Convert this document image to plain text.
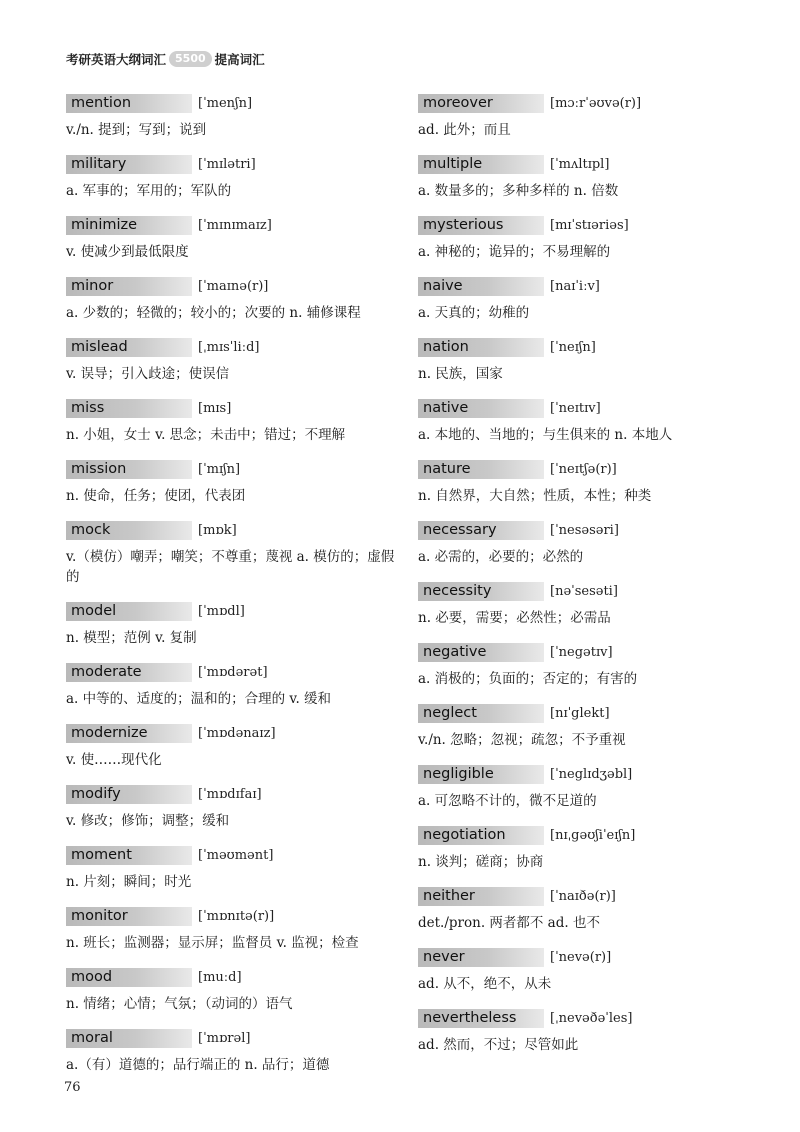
考研英语大纲词汇 5500 提高词汇
mention	[ˈmenʃn]
v./n. 提到；写到；说到
military	[ˈmɪlətri]
a. 军事的；军用的；军队的
minimize	[ˈmɪnɪmaɪz]
v. 使减少到最低限度
minor	[ˈmaɪnə(r)]
a. 少数的；轻微的；较小的；次要的 n. 辅修课程
mislead	[ˌmɪsˈliːd]
v. 误导；引入歧途；使误信
miss	[mɪs]
n. 小姐，女士 v. 思念；未击中；错过；不理解
mission	[ˈmɪʃn]
n. 使命，任务；使团，代表团
mock	[mɒk]
v.（模仿）嘲弄；嘲笑；不尊重；蔑视 a. 模仿的；虚假的
model	[ˈmɒdl]
n. 模型；范例 v. 复制
moderate	[ˈmɒdərət]
a. 中等的、适度的；温和的；合理的 v. 缓和
modernize	[ˈmɒdənaɪz]
v. 使……现代化
modify	[ˈmɒdɪfaɪ]
v. 修改；修饰；调整；缓和
moment	[ˈməʊmənt]
n. 片刻；瞬间；时光
monitor	[ˈmɒnɪtə(r)]
n. 班长；监测器；显示屏；监督员 v. 监视；检查
mood	[muːd]
n. 情绪；心情；气氛；（动词的）语气
moral	[ˈmɒrəl]
a.（有）道德的；品行端正的 n. 品行；道德
moreover	[mɔːrˈəʊvə(r)]
ad. 此外；而且
multiple	[ˈmʌltɪpl]
a. 数量多的；多种多样的 n. 倍数
mysterious	[mɪˈstɪəriəs]
a. 神秘的；诡异的；不易理解的
naive	[naɪˈiːv]
a. 天真的；幼稚的
nation	[ˈneɪʃn]
n. 民族，国家
native	[ˈneɪtɪv]
a. 本地的、当地的；与生俱来的 n. 本地人
nature	[ˈneɪtʃə(r)]
n. 自然界，大自然；性质，本性；种类
necessary	[ˈnesəsəri]
a. 必需的，必要的；必然的
necessity	[nəˈsesəti]
n. 必要，需要；必然性；必需品
negative	[ˈnegətɪv]
a. 消极的；负面的；否定的；有害的
neglect	[nɪˈglekt]
v./n. 忽略；忽视；疏忽；不予重视
negligible	[ˈneglɪdʒəbl]
a. 可忽略不计的，微不足道的
negotiation	[nɪˌgəʊʃiˈeɪʃn]
n. 谈判；磋商；协商
neither	[ˈnaɪðə(r)]
det./pron. 两者都不 ad. 也不
never	[ˈnevə(r)]
ad. 从不，绝不，从未
nevertheless	[ˌnevəðəˈles]
ad. 然而，不过；尽管如此
76
